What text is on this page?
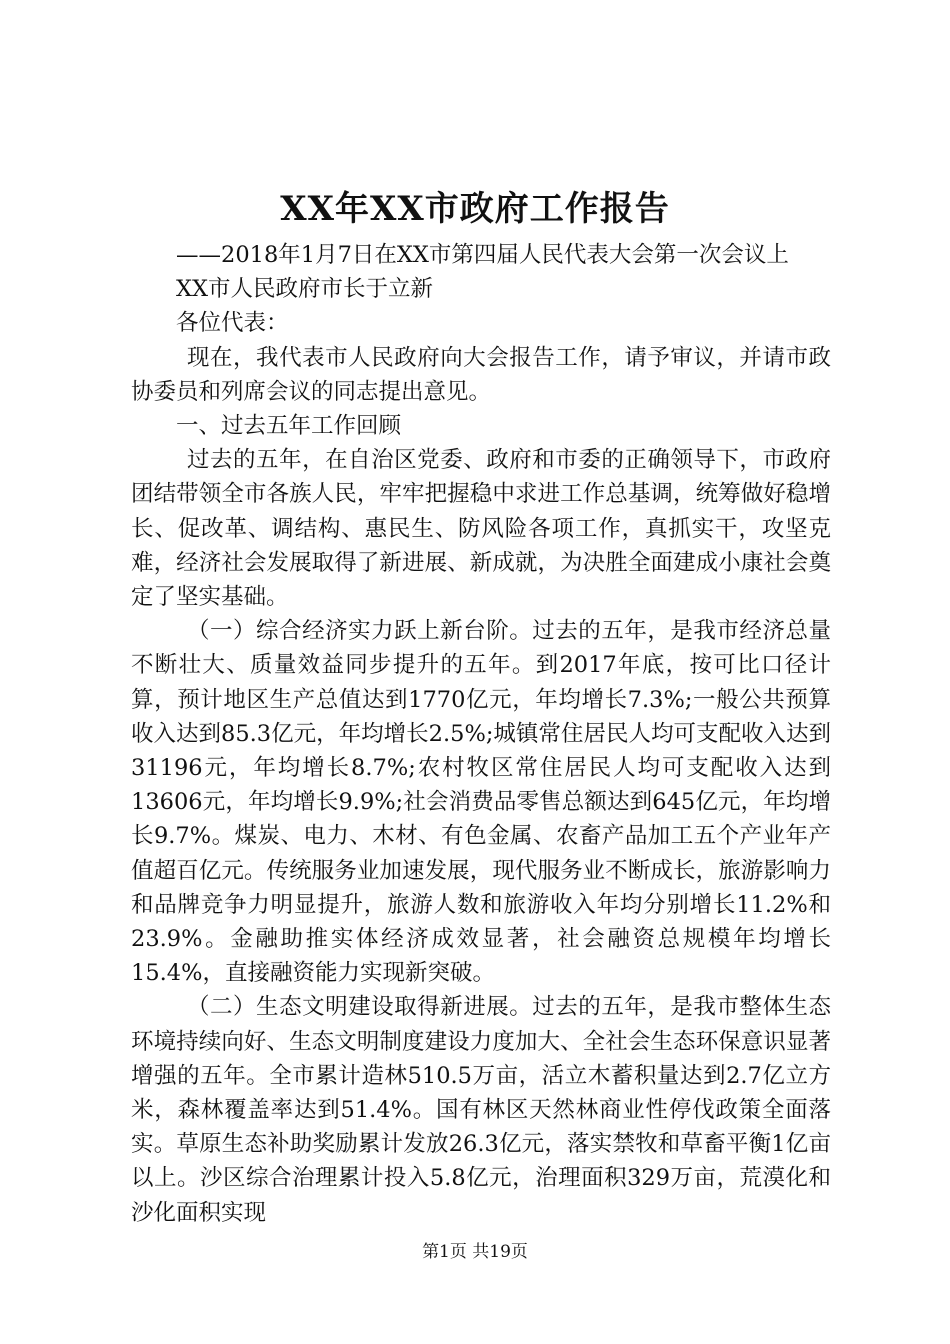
XX年XX市政府工作报告

——2018年1月7日在XX市第四届人民代表大会第一次会议上

XX市人民政府市长于立新

各位代表：

现在，我代表市人民政府向大会报告工作，请予审议，并请市政协委员和列席会议的同志提出意见。

一、过去五年工作回顾

过去的五年，在自治区党委、政府和市委的正确领导下，市政府团结带领全市各族人民，牢牢把握稳中求进工作总基调，统筹做好稳增长、促改革、调结构、惠民生、防风险各项工作，真抓实干，攻坚克难，经济社会发展取得了新进展、新成就，为决胜全面建成小康社会奠定了坚实基础。

（一）综合经济实力跃上新台阶。过去的五年，是我市经济总量不断壮大、质量效益同步提升的五年。到2017年底，按可比口径计算，预计地区生产总值达到1770亿元，年均增长7.3%;一般公共预算收入达到85.3亿元，年均增长2.5%;城镇常住居民人均可支配收入达到31196元，年均增长8.7%;农村牧区常住居民人均可支配收入达到13606元，年均增长9.9%;社会消费品零售总额达到645亿元，年均增长9.7%。煤炭、电力、木材、有色金属、农畜产品加工五个产业年产值超百亿元。传统服务业加速发展，现代服务业不断成长，旅游影响力和品牌竞争力明显提升，旅游人数和旅游收入年均分别增长11.2%和23.9%。金融助推实体经济成效显著，社会融资总规模年均增长15.4%，直接融资能力实现新突破。

（二）生态文明建设取得新进展。过去的五年，是我市整体生态环境持续向好、生态文明制度建设力度加大、全社会生态环保意识显著增强的五年。全市累计造林510.5万亩，活立木蓄积量达到2.7亿立方米，森林覆盖率达到51.4%。国有林区天然林商业性停伐政策全面落实。草原生态补助奖励累计发放26.3亿元，落实禁牧和草畜平衡1亿亩以上。沙区综合治理累计投入5.8亿元，治理面积329万亩，荒漠化和沙化面积实现

第1页 共19页
